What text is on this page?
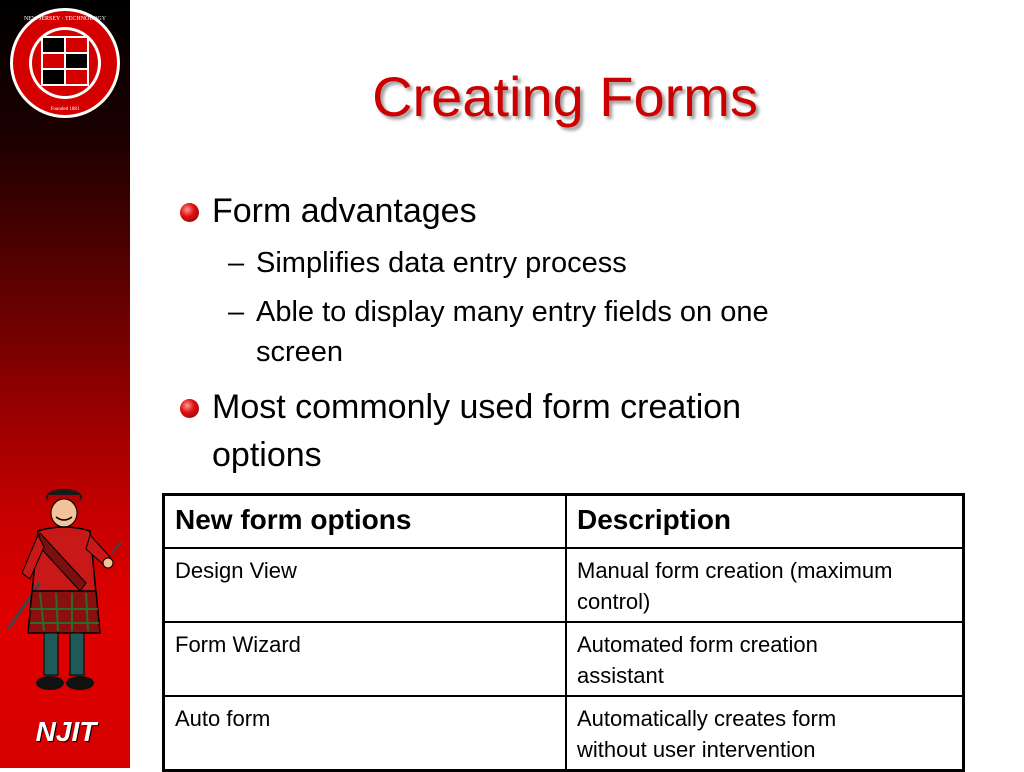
NEW JERSEY · TECHNOLOGY
Founded 1881
NJIT
Creating Forms
Form advantages
– Simplifies data entry process
– Able to display many entry fields on one
screen
Most commonly used form creation
options
New form options	Description
Design View	Manual form creation (maximum
control)
Form Wizard	Automated form creation
assistant
Auto form	Automatically creates form
without user intervention
